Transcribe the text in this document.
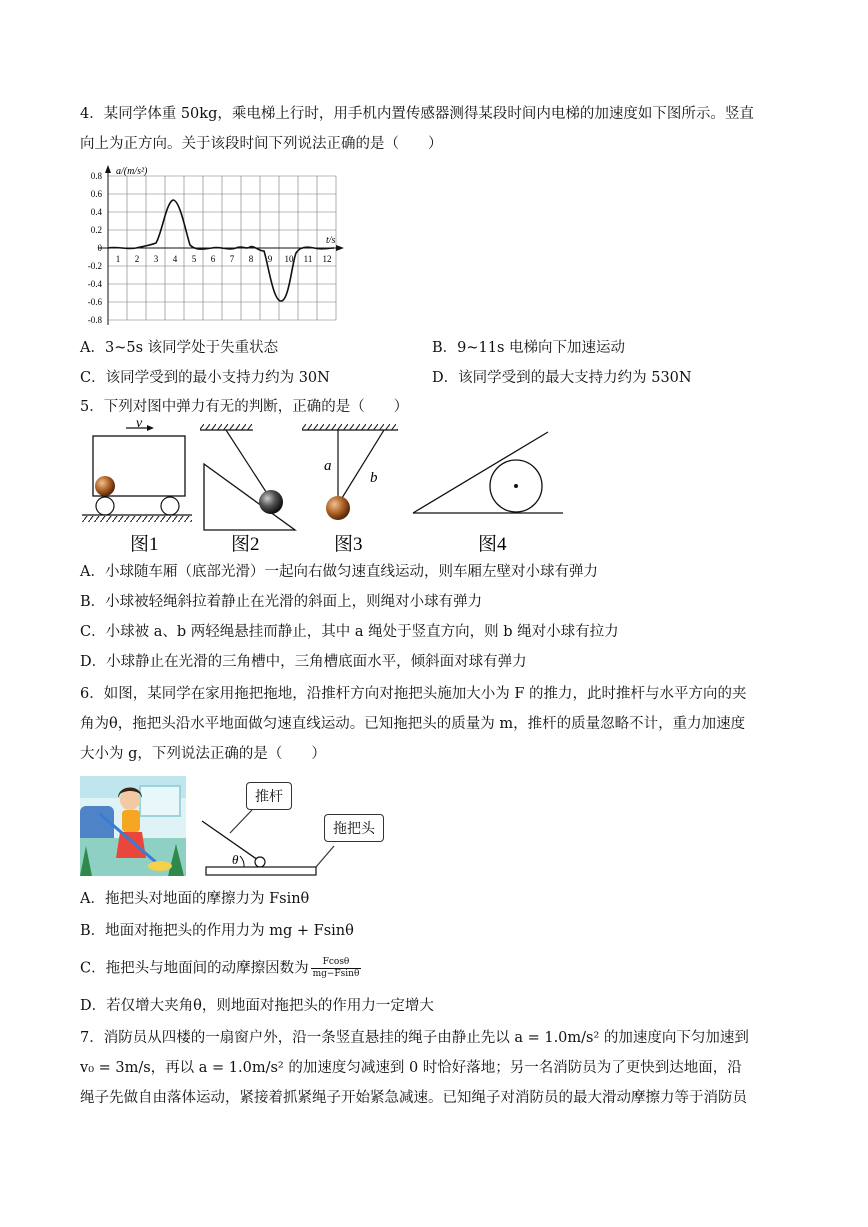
4．某同学体重 50kg，乘电梯上行时，用手机内置传感器测得某段时间内电梯的加速度如下图所示。竖直
向上为正方向。关于该段时间下列说法正确的是（　　）
0.8
0.6
0.4
0.2
0
-0.2
-0.4
-0.6
-0.8
1 2 3 4 5 6 7 8 9 10 11 12
a/(m/s²)
t/s
A．3~5s 该同学处于失重状态	B．9~11s 电梯向下加速运动
C．该同学受到的最小支持力约为 30N	D．该同学受到的最大支持力约为 530N
5．下列对图中弹力有无的判断，正确的是（　　）
v
图1	图2
a
b
图3	图4
A．小球随车厢（底部光滑）一起向右做匀速直线运动，则车厢左壁对小球有弹力
B．小球被轻绳斜拉着静止在光滑的斜面上，则绳对小球有弹力
C．小球被 a、b 两轻绳悬挂而静止，其中 a 绳处于竖直方向，则 b 绳对小球有拉力
D．小球静止在光滑的三角槽中，三角槽底面水平，倾斜面对球有弹力
6．如图，某同学在家用拖把拖地，沿推杆方向对拖把头施加大小为 F 的推力，此时推杆与水平方向的夹
角为θ，拖把头沿水平地面做匀速直线运动。已知拖把头的质量为 m，推杆的质量忽略不计，重力加速度
大小为 g，下列说法正确的是（　　）
θ
推杆
拖把头
A．拖把头对地面的摩擦力为 Fsinθ
B．地面对拖把头的作用力为 mg + Fsinθ
C．拖把头与地面间的动摩擦因数为 $\frac{Fcos\theta}{mg-Fsin\theta}$
D．若仅增大夹角θ，则地面对拖把头的作用力一定增大
7．消防员从四楼的一扇窗户外，沿一条竖直悬挂的绳子由静止先以 a = 1.0m/s² 的加速度向下匀加速到
v₀ = 3m/s，再以 a = 1.0m/s² 的加速度匀减速到 0 时恰好落地；另一名消防员为了更快到达地面，沿
绳子先做自由落体运动，紧接着抓紧绳子开始紧急减速。已知绳子对消防员的最大滑动摩擦力等于消防员
